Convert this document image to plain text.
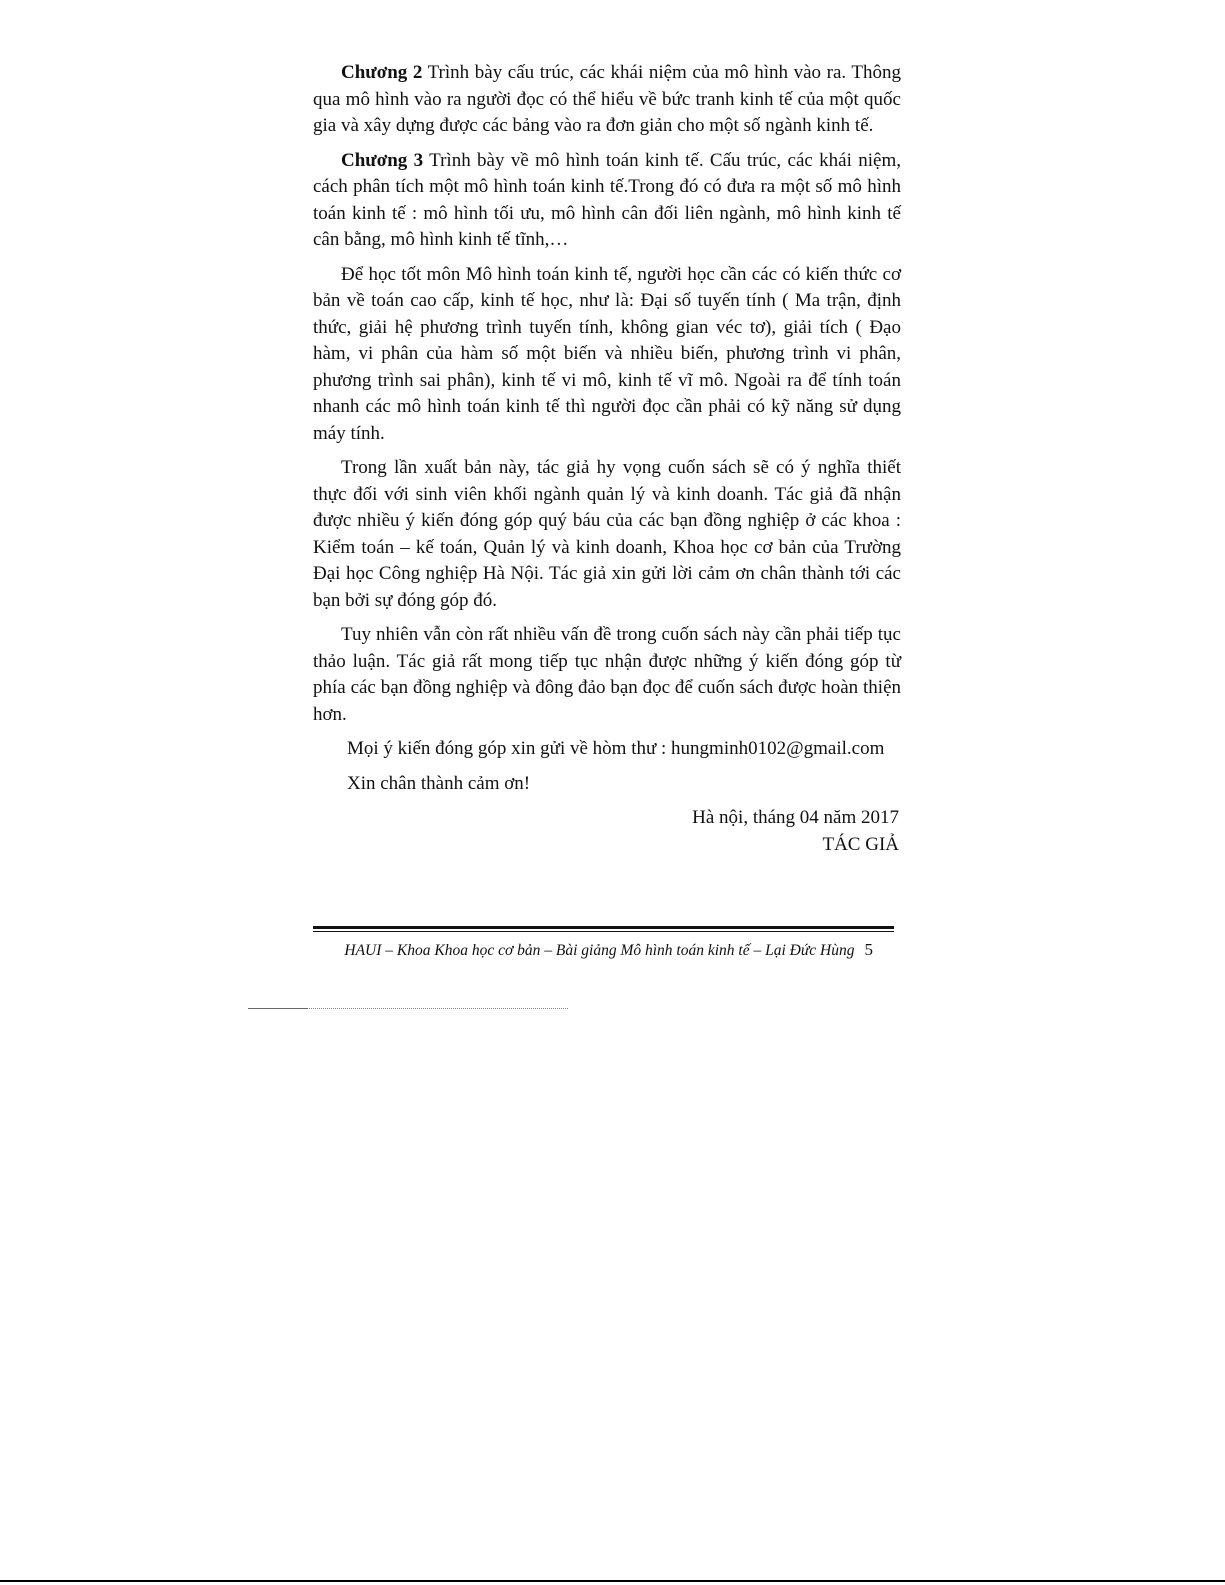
Chương 2 Trình bày cấu trúc, các khái niệm của mô hình vào ra. Thông qua mô hình vào ra người đọc có thể hiểu về bức tranh kinh tế của một quốc gia và xây dựng được các bảng vào ra đơn giản cho một số ngành kinh tế.

Chương 3 Trình bày về mô hình toán kinh tế. Cấu trúc, các khái niệm, cách phân tích một mô hình toán kinh tế.Trong đó có đưa ra một số mô hình toán kinh tế : mô hình tối ưu, mô hình cân đối liên ngành, mô hình kinh tế cân bằng, mô hình kinh tế tĩnh,…

Để học tốt môn Mô hình toán kinh tế, người học cần các có kiến thức cơ bản về toán cao cấp, kinh tế học, như là: Đại số tuyến tính ( Ma trận, định thức, giải hệ phương trình tuyến tính, không gian véc tơ), giải tích ( Đạo hàm, vi phân của hàm số một biến và nhiều biến, phương trình vi phân, phương trình sai phân), kinh tế vi mô, kinh tế vĩ mô. Ngoài ra để tính toán nhanh các mô hình toán kinh tế thì người đọc cần phải có kỹ năng sử dụng máy tính.

Trong lần xuất bản này, tác giả hy vọng cuốn sách sẽ có ý nghĩa thiết thực đối với sinh viên khối ngành quản lý và kinh doanh. Tác giả đã nhận được nhiều ý kiến đóng góp quý báu của các bạn đồng nghiệp ở các khoa : Kiểm toán – kế toán, Quản lý và kinh doanh, Khoa học cơ bản của Trường Đại học Công nghiệp Hà Nội. Tác giả xin gửi lời cảm ơn chân thành tới các bạn bởi sự đóng góp đó.

Tuy nhiên vẫn còn rất nhiều vấn đề trong cuốn sách này cần phải tiếp tục thảo luận. Tác giả rất mong tiếp tục nhận được những ý kiến đóng góp từ phía các bạn đồng nghiệp và đông đảo bạn đọc để cuốn sách được hoàn thiện hơn.

Mọi ý kiến đóng góp xin gửi về hòm thư : hungminh0102@gmail.com

Xin chân thành cảm ơn!

Hà nội, tháng 04 năm 2017

TÁC GIẢ

HAUI – Khoa Khoa học cơ bản – Bài giảng Mô hình toán kinh tế – Lại Đức Hùng 5
